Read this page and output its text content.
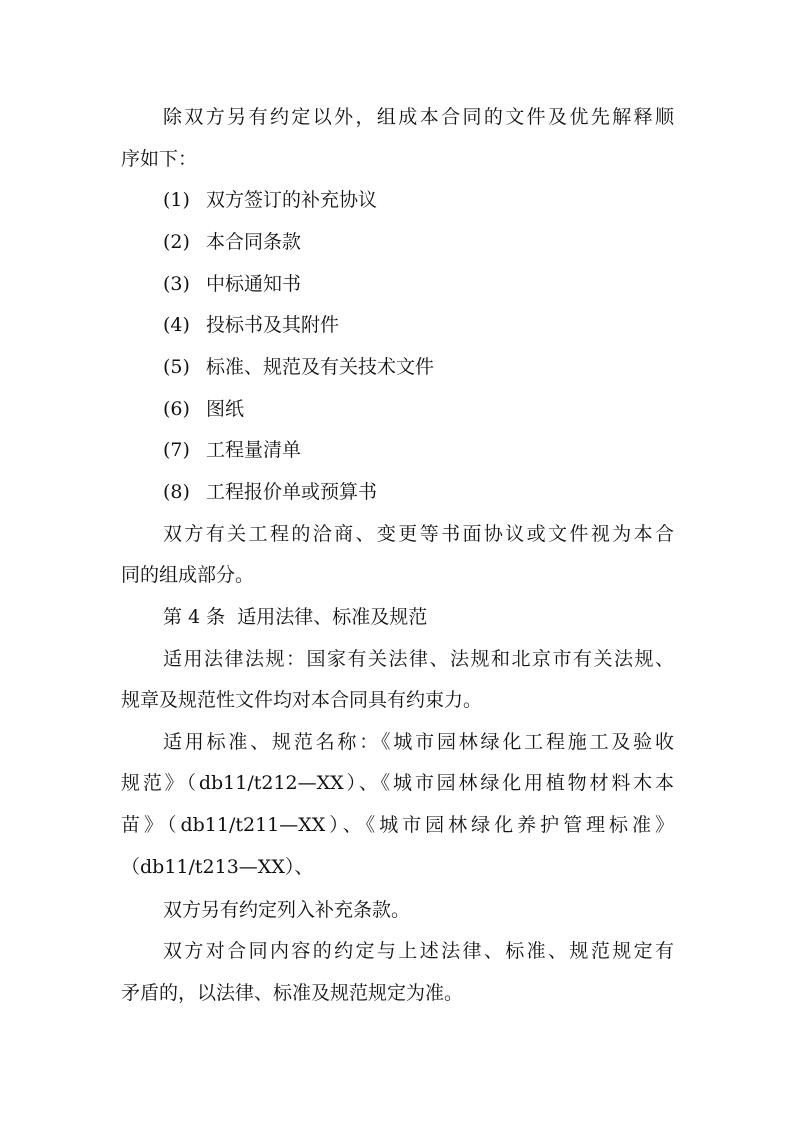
除双方另有约定以外，组成本合同的文件及优先解释顺
序如下：
(1) 双方签订的补充协议
(2) 本合同条款
(3) 中标通知书
(4) 投标书及其附件
(5) 标准、规范及有关技术文件
(6) 图纸
(7) 工程量清单
(8) 工程报价单或预算书
双方有关工程的洽商、变更等书面协议或文件视为本合
同的组成部分。
第 4 条  适用法律、标准及规范
适用法律法规：国家有关法律、法规和北京市有关法规、
规章及规范性文件均对本合同具有约束力。
适用标准、规范名称：《城市园林绿化工程施工及验收
规范》（db11/t212—XX）、《城市园林绿化用植物材料木本
苗》（db11/t211—XX）、《城市园林绿化养护管理标准》
（db11/t213—XX）、
双方另有约定列入补充条款。
双方对合同内容的约定与上述法律、标准、规范规定有
矛盾的，以法律、标准及规范规定为准。
